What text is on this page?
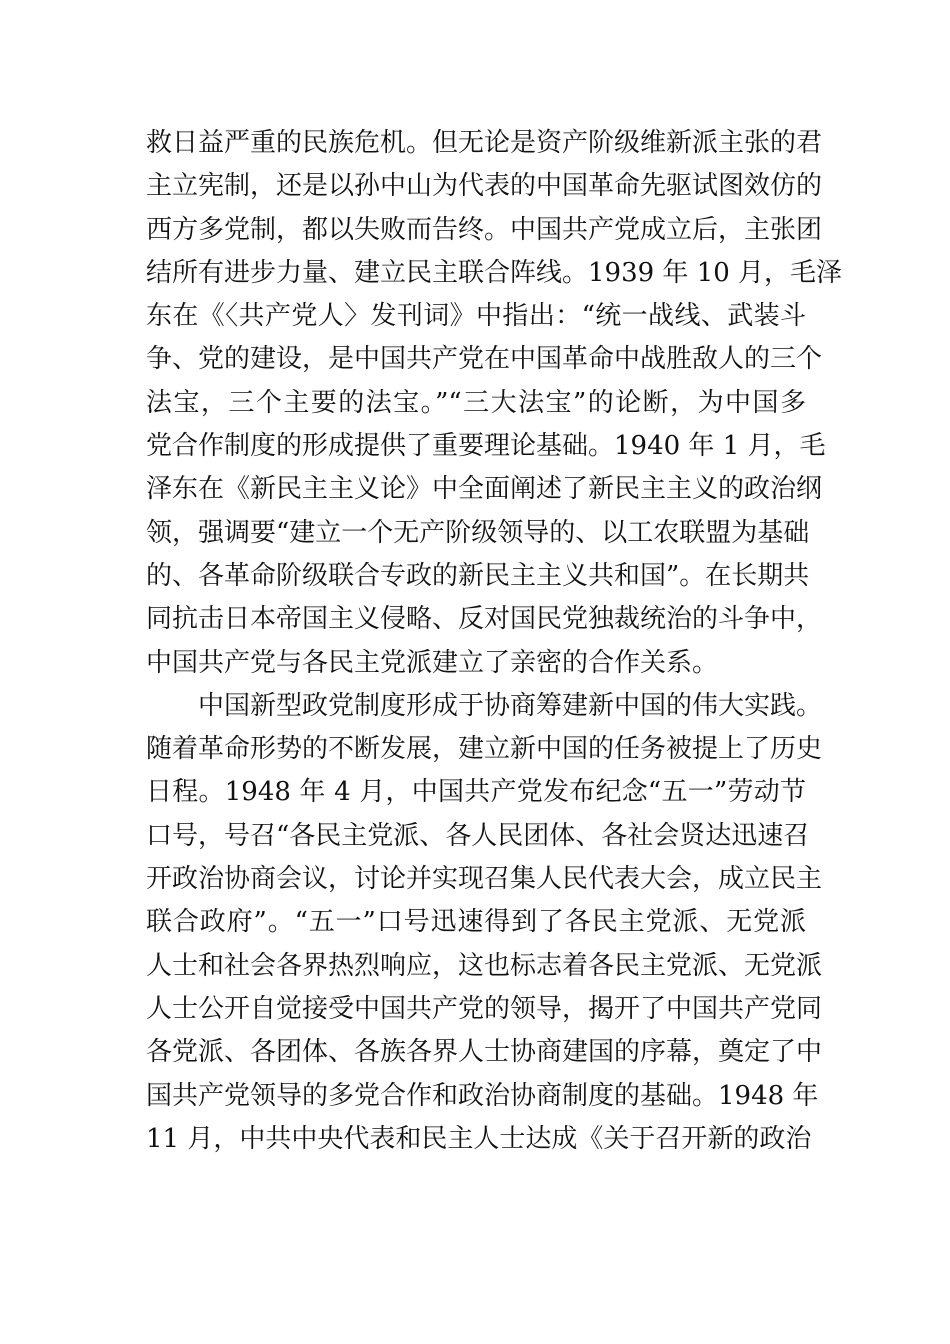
救日益严重的民族危机。但无论是资产阶级维新派主张的君
主立宪制，还是以孙中山为代表的中国革命先驱试图效仿的
西方多党制，都以失败而告终。中国共产党成立后，主张团
结所有进步力量、建立民主联合阵线。1939 年 10 月，毛泽
东在《〈共产党人〉发刊词》中指出：“统一战线、武装斗
争、党的建设，是中国共产党在中国革命中战胜敌人的三个
法宝，三个主要的法宝。”“三大法宝”的论断，为中国多
党合作制度的形成提供了重要理论基础。1940 年 1 月，毛
泽东在《新民主主义论》中全面阐述了新民主主义的政治纲
领，强调要“建立一个无产阶级领导的、以工农联盟为基础
的、各革命阶级联合专政的新民主主义共和国”。在长期共
同抗击日本帝国主义侵略、反对国民党独裁统治的斗争中，
中国共产党与各民主党派建立了亲密的合作关系。
中国新型政党制度形成于协商筹建新中国的伟大实践。
随着革命形势的不断发展，建立新中国的任务被提上了历史
日程。1948 年 4 月，中国共产党发布纪念“五一”劳动节
口号，号召“各民主党派、各人民团体、各社会贤达迅速召
开政治协商会议，讨论并实现召集人民代表大会，成立民主
联合政府”。“五一”口号迅速得到了各民主党派、无党派
人士和社会各界热烈响应，这也标志着各民主党派、无党派
人士公开自觉接受中国共产党的领导，揭开了中国共产党同
各党派、各团体、各族各界人士协商建国的序幕，奠定了中
国共产党领导的多党合作和政治协商制度的基础。1948 年
11 月，中共中央代表和民主人士达成《关于召开新的政治
